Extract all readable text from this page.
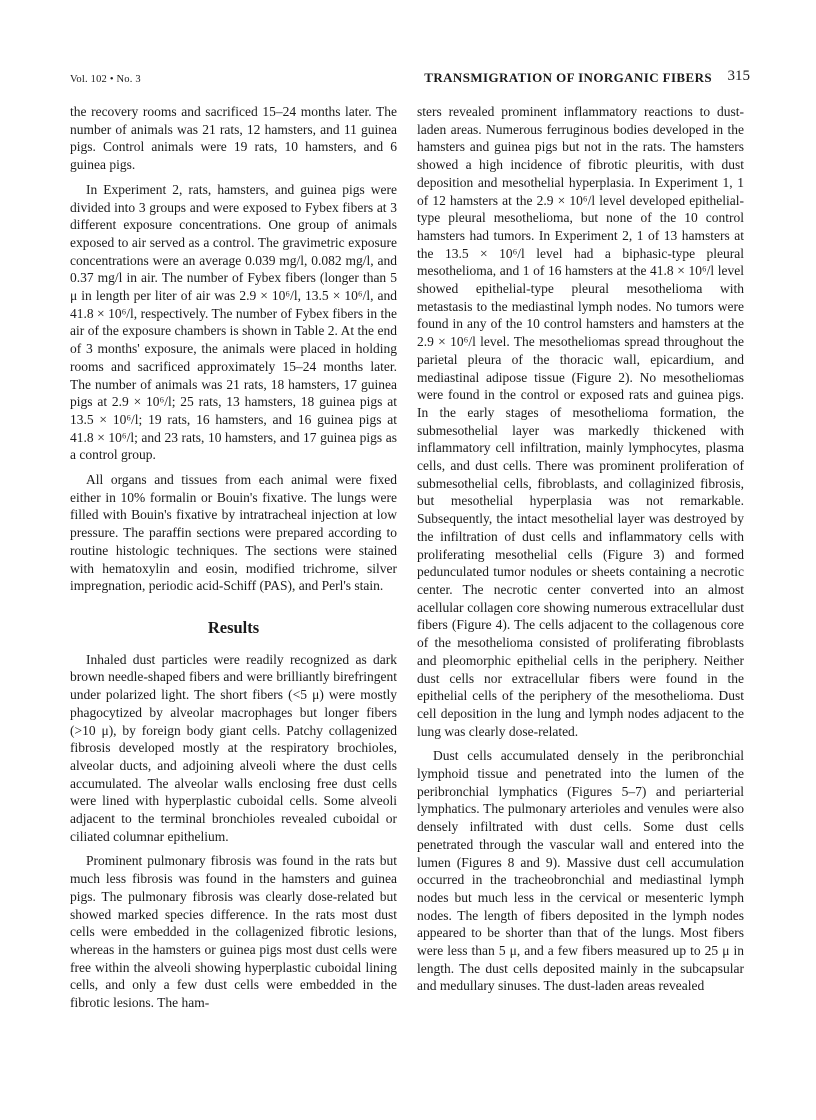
Vol. 102 • No. 3	TRANSMIGRATION OF INORGANIC FIBERS 315

the recovery rooms and sacrificed 15–24 months later. The number of animals was 21 rats, 12 hamsters, and 11 guinea pigs. Control animals were 19 rats, 10 hamsters, and 6 guinea pigs.

In Experiment 2, rats, hamsters, and guinea pigs were divided into 3 groups and were exposed to Fybex fibers at 3 different exposure concentrations. One group of animals exposed to air served as a control. The gravimetric exposure concentrations were an average 0.039 mg/l, 0.082 mg/l, and 0.37 mg/l in air. The number of Fybex fibers (longer than 5 μ in length per liter of air was 2.9 × 10⁶/l, 13.5 × 10⁶/l, and 41.8 × 10⁶/l, respectively. The number of Fybex fibers in the air of the exposure chambers is shown in Table 2. At the end of 3 months' exposure, the animals were placed in holding rooms and sacrificed approximately 15–24 months later. The number of animals was 21 rats, 18 hamsters, 17 guinea pigs at 2.9 × 10⁶/l; 25 rats, 13 hamsters, 18 guinea pigs at 13.5 × 10⁶/l; 19 rats, 16 hamsters, and 16 guinea pigs at 41.8 × 10⁶/l; and 23 rats, 10 hamsters, and 17 guinea pigs as a control group.

All organs and tissues from each animal were fixed either in 10% formalin or Bouin's fixative. The lungs were filled with Bouin's fixative by intratracheal injection at low pressure. The paraffin sections were prepared according to routine histologic techniques. The sections were stained with hematoxylin and eosin, modified trichrome, silver impregnation, periodic acid-Schiff (PAS), and Perl's stain.

Results

Inhaled dust particles were readily recognized as dark brown needle-shaped fibers and were brilliantly birefringent under polarized light. The short fibers (<5 μ) were mostly phagocytized by alveolar macrophages but longer fibers (>10 μ), by foreign body giant cells. Patchy collagenized fibrosis developed mostly at the respiratory brochioles, alveolar ducts, and adjoining alveoli where the dust cells accumulated. The alveolar walls enclosing free dust cells were lined with hyperplastic cuboidal cells. Some alveoli adjacent to the terminal bronchioles revealed cuboidal or ciliated columnar epithelium.

Prominent pulmonary fibrosis was found in the rats but much less fibrosis was found in the hamsters and guinea pigs. The pulmonary fibrosis was clearly dose-related but showed marked species difference. In the rats most dust cells were embedded in the collagenized fibrotic lesions, whereas in the hamsters or guinea pigs most dust cells were free within the alveoli showing hyperplastic cuboidal lining cells, and only a few dust cells were embedded in the fibrotic lesions. The ham-

sters revealed prominent inflammatory reactions to dust-laden areas. Numerous ferruginous bodies developed in the hamsters and guinea pigs but not in the rats. The hamsters showed a high incidence of fibrotic pleuritis, with dust deposition and mesothelial hyperplasia. In Experiment 1, 1 of 12 hamsters at the 2.9 × 10⁶/l level developed epithelial-type pleural mesothelioma, but none of the 10 control hamsters had tumors. In Experiment 2, 1 of 13 hamsters at the 13.5 × 10⁶/l level had a biphasic-type pleural mesothelioma, and 1 of 16 hamsters at the 41.8 × 10⁶/l level showed epithelial-type pleural mesothelioma with metastasis to the mediastinal lymph nodes. No tumors were found in any of the 10 control hamsters and hamsters at the 2.9 × 10⁶/l level. The mesotheliomas spread throughout the parietal pleura of the thoracic wall, epicardium, and mediastinal adipose tissue (Figure 2). No mesotheliomas were found in the control or exposed rats and guinea pigs. In the early stages of mesothelioma formation, the submesothelial layer was markedly thickened with inflammatory cell infiltration, mainly lymphocytes, plasma cells, and dust cells. There was prominent proliferation of submesothelial cells, fibroblasts, and collaginized fibrosis, but mesothelial hyperplasia was not remarkable. Subsequently, the intact mesothelial layer was destroyed by the infiltration of dust cells and inflammatory cells with proliferating mesothelial cells (Figure 3) and formed pedunculated tumor nodules or sheets containing a necrotic center. The necrotic center converted into an almost acellular collagen core showing numerous extracellular dust fibers (Figure 4). The cells adjacent to the collagenous core of the mesothelioma consisted of proliferating fibroblasts and pleomorphic epithelial cells in the periphery. Neither dust cells nor extracellular fibers were found in the epithelial cells of the periphery of the mesothelioma. Dust cell deposition in the lung and lymph nodes adjacent to the lung was clearly dose-related.

Dust cells accumulated densely in the peribronchial lymphoid tissue and penetrated into the lumen of the peribronchial lymphatics (Figures 5–7) and periarterial lymphatics. The pulmonary arterioles and venules were also densely infiltrated with dust cells. Some dust cells penetrated through the vascular wall and entered into the lumen (Figures 8 and 9). Massive dust cell accumulation occurred in the tracheobronchial and mediastinal lymph nodes but much less in the cervical or mesenteric lymph nodes. The length of fibers deposited in the lymph nodes appeared to be shorter than that of the lungs. Most fibers were less than 5 μ, and a few fibers measured up to 25 μ in length. The dust cells deposited mainly in the subcapsular and medullary sinuses. The dust-laden areas revealed
